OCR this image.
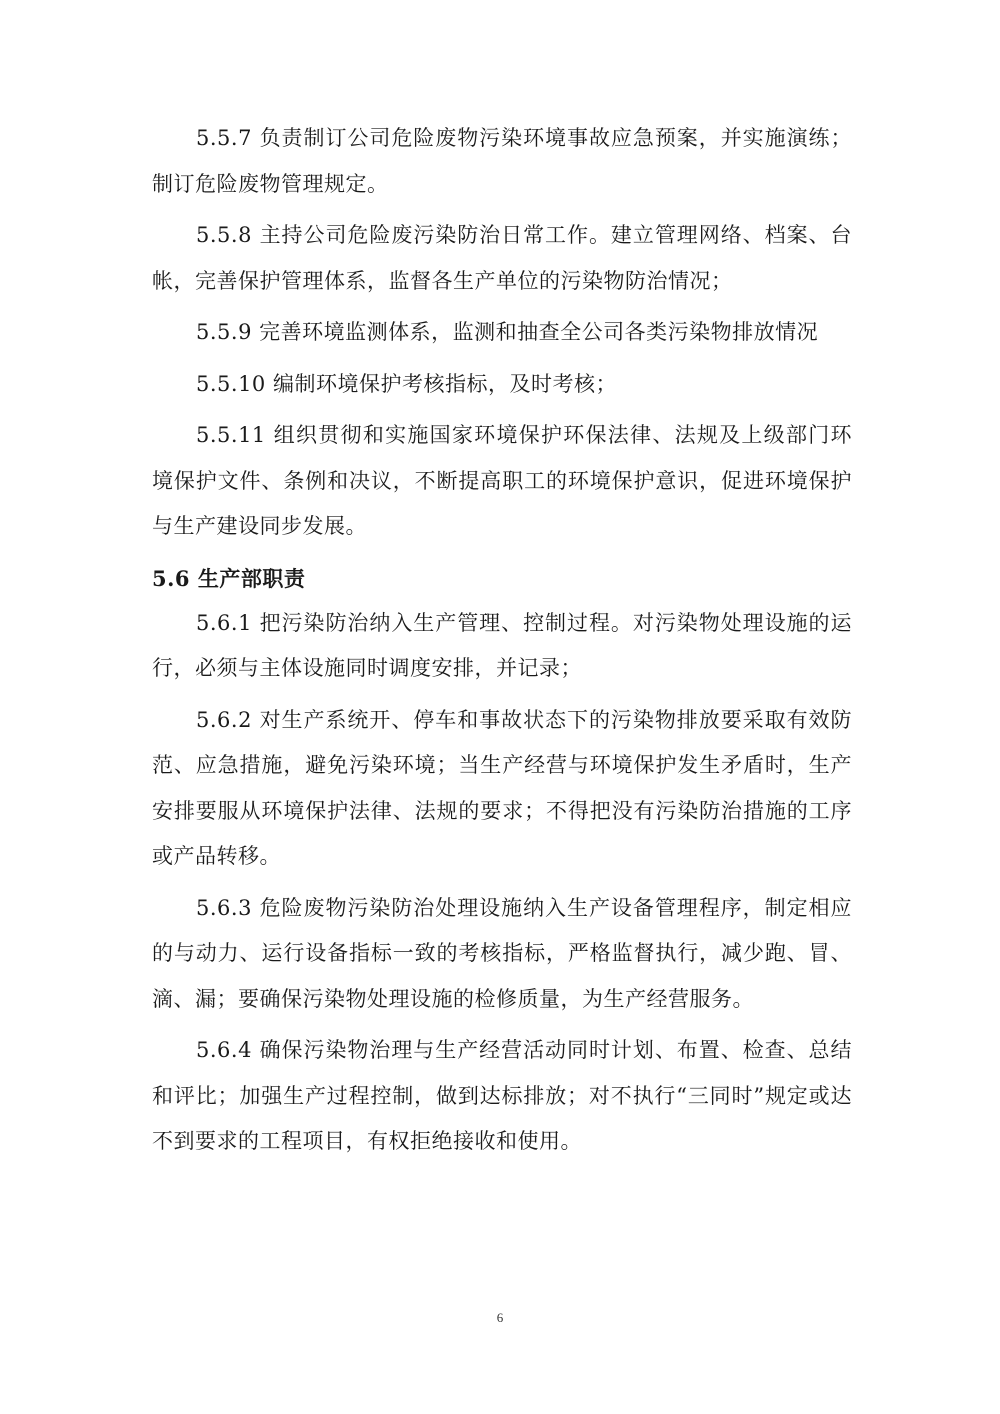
5.5.7 负责制订公司危险废物污染环境事故应急预案，并实施演练；制订危险废物管理规定。

5.5.8 主持公司危险废污染防治日常工作。建立管理网络、档案、台帐，完善保护管理体系，监督各生产单位的污染物防治情况；

5.5.9 完善环境监测体系，监测和抽查全公司各类污染物排放情况

5.5.10 编制环境保护考核指标，及时考核；

5.5.11 组织贯彻和实施国家环境保护环保法律、法规及上级部门环境保护文件、条例和决议，不断提高职工的环境保护意识，促进环境保护与生产建设同步发展。

5.6 生产部职责

5.6.1 把污染防治纳入生产管理、控制过程。对污染物处理设施的运行，必须与主体设施同时调度安排，并记录；

5.6.2 对生产系统开、停车和事故状态下的污染物排放要采取有效防范、应急措施，避免污染环境；当生产经营与环境保护发生矛盾时，生产安排要服从环境保护法律、法规的要求；不得把没有污染防治措施的工序或产品转移。

5.6.3 危险废物污染防治处理设施纳入生产设备管理程序，制定相应的与动力、运行设备指标一致的考核指标，严格监督执行，减少跑、冒、滴、漏；要确保污染物处理设施的检修质量，为生产经营服务。

5.6.4 确保污染物治理与生产经营活动同时计划、布置、检查、总结和评比；加强生产过程控制，做到达标排放；对不执行“三同时”规定或达不到要求的工程项目，有权拒绝接收和使用。

6
